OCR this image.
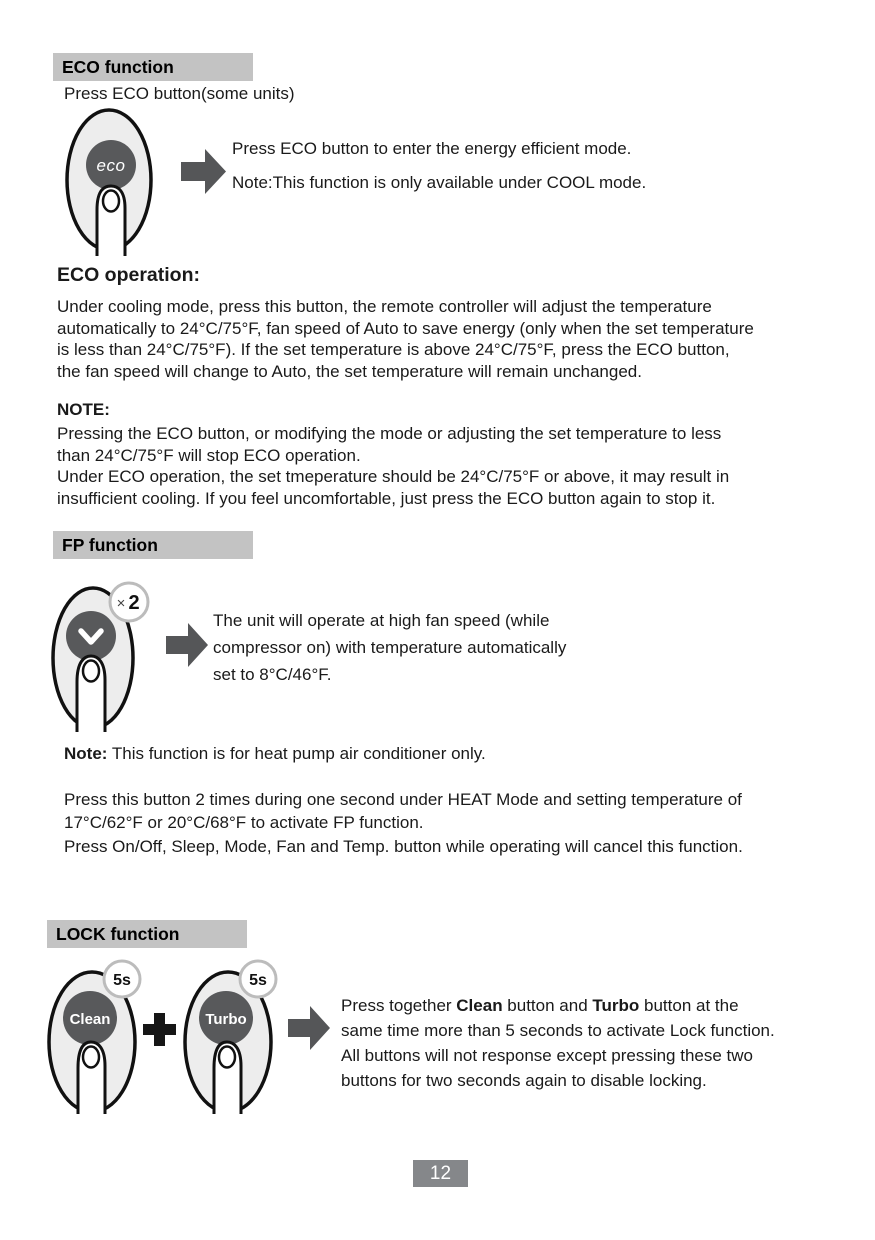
ECO function
Press ECO button(some units)
eco
Press ECO button to enter the energy efficient mode.
Note:This function is only available under COOL mode.
ECO operation:
Under cooling mode, press this button, the remote controller will adjust the temperature
automatically to 24°C/75°F, fan speed of Auto to save energy (only when the set temperature
is less than 24°C/75°F). If the set temperature is above 24°C/75°F, press the ECO button,
the fan speed will change to Auto, the set temperature will remain unchanged.
NOTE:
Pressing the ECO button, or modifying the mode or adjusting the set temperature to less
than 24°C/75°F will stop ECO operation.
Under ECO operation, the set tmeperature should be 24°C/75°F or above, it may result in
insufficient cooling. If you feel uncomfortable, just press the ECO button again to stop it.
FP function
× 2
The unit will operate at high fan speed (while
compressor on) with temperature automatically
set to 8°C/46°F.
Note: This function is for heat pump air conditioner only.
Press this button 2 times during one second under HEAT Mode and setting temperature of
17°C/62°F or 20°C/68°F to activate FP function.
Press On/Off, Sleep, Mode, Fan and Temp. button while operating will cancel this function.
LOCK function
Clean
5s
Turbo
5s
Press together Clean button and Turbo button at the
same time more than 5 seconds to activate Lock function.
All buttons will not response except pressing these two
buttons for two seconds again to disable locking.
12
